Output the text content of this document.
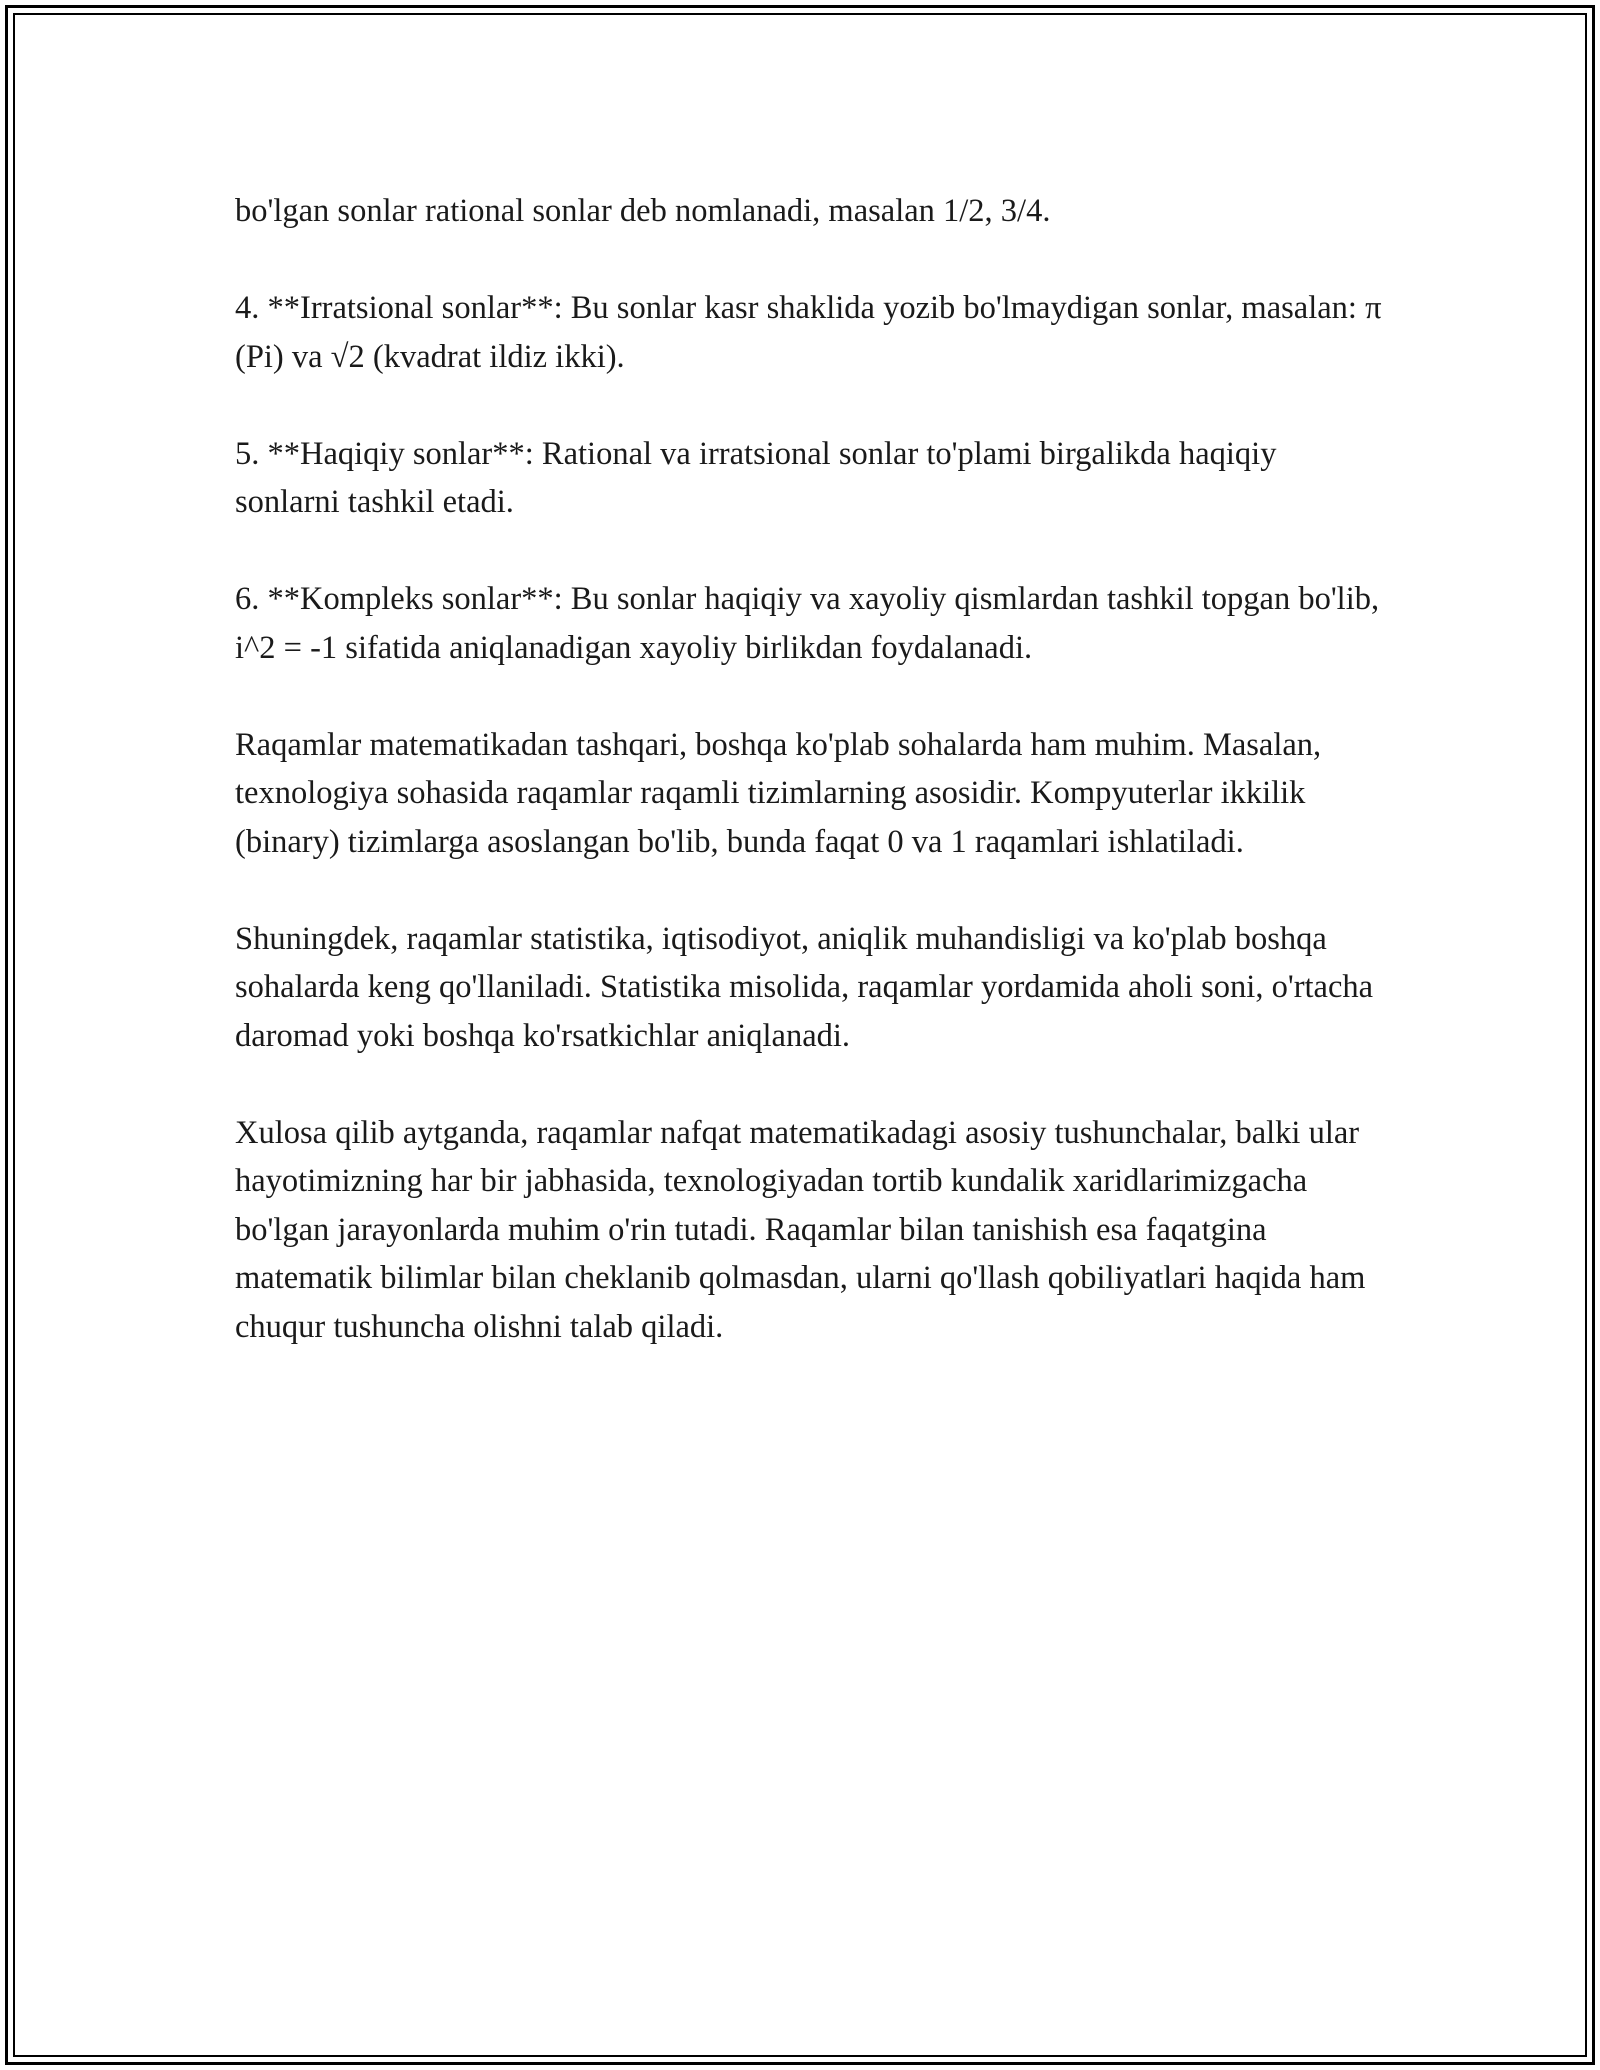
bo'lgan sonlar rational sonlar deb nomlanadi, masalan 1/2, 3/4.

4. **Irratsional sonlar**: Bu sonlar kasr shaklida yozib bo'lmaydigan sonlar, masalan: π (Pi) va √2 (kvadrat ildiz ikki).

5. **Haqiqiy sonlar**: Rational va irratsional sonlar to'plami birgalikda haqiqiy sonlarni tashkil etadi.

6. **Kompleks sonlar**: Bu sonlar haqiqiy va xayoliy qismlardan tashkil topgan bo'lib, i^2 = -1 sifatida aniqlanadigan xayoliy birlikdan foydalanadi.

Raqamlar matematikadan tashqari, boshqa ko'plab sohalarda ham muhim. Masalan, texnologiya sohasida raqamlar raqamli tizimlarning asosidir. Kompyuterlar ikkilik (binary) tizimlarga asoslangan bo'lib, bunda faqat 0 va 1 raqamlari ishlatiladi.

Shuningdek, raqamlar statistika, iqtisodiyot, aniqlik muhandisligi va ko'plab boshqa sohalarda keng qo'llaniladi. Statistika misolida, raqamlar yordamida aholi soni, o'rtacha daromad yoki boshqa ko'rsatkichlar aniqlanadi.

Xulosa qilib aytganda, raqamlar nafqat matematikadagi asosiy tushunchalar, balki ular hayotimizning har bir jabhasida, texnologiyadan tortib kundalik xaridlarimizgacha bo'lgan jarayonlarda muhim o'rin tutadi. Raqamlar bilan tanishish esa faqatgina matematik bilimlar bilan cheklanib qolmasdan, ularni qo'llash qobiliyatlari haqida ham chuqur tushuncha olishni talab qiladi.
